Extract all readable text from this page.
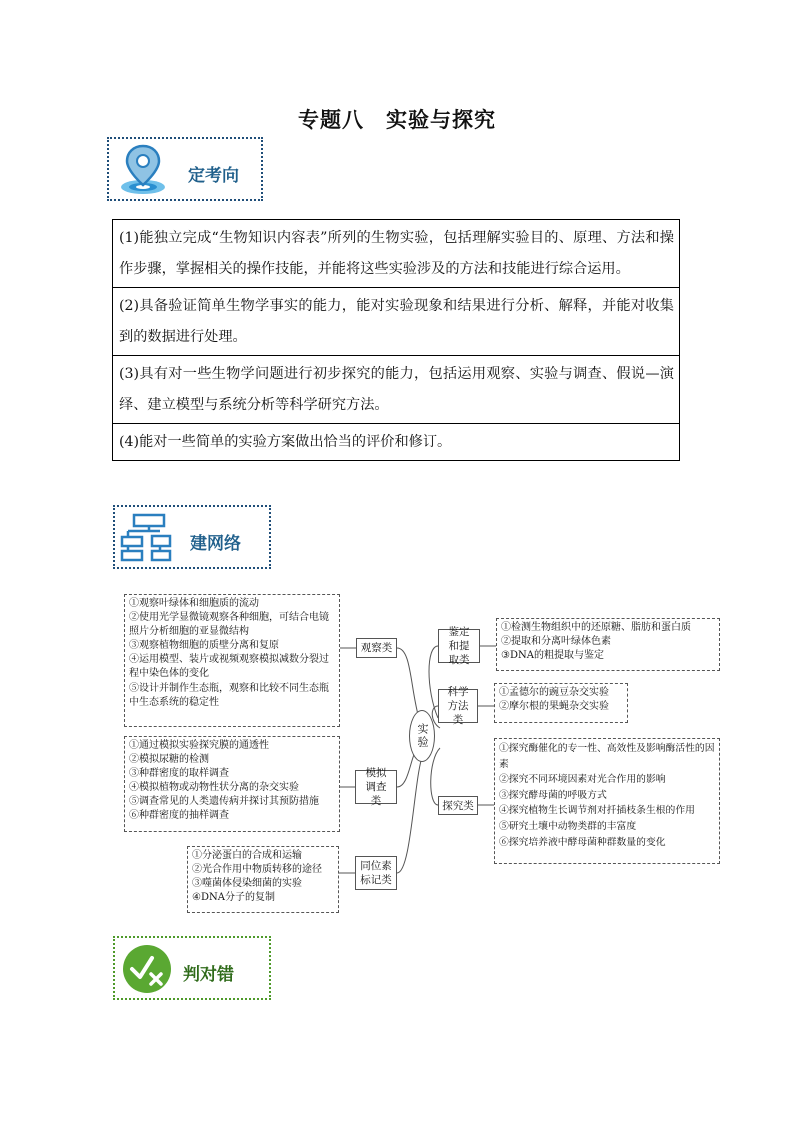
专题八　实验与探究
定考向
(1)能独立完成“生物知识内容表”所列的生物实验，包括理解实验目的、原理、方法和操作步骤，掌握相关的操作技能，并能将这些实验涉及的方法和技能进行综合运用。
(2)具备验证简单生物学事实的能力，能对实验现象和结果进行分析、解释，并能对收集到的数据进行处理。
(3)具有对一些生物学问题进行初步探究的能力，包括运用观察、实验与调查、假说—演绎、建立模型与系统分析等科学研究方法。
(4)能对一些简单的实验方案做出恰当的评价和修订。
建网络
①观察叶绿体和细胞质的流动
②使用光学显微镜观察各种细胞，可结合电镜照片分析细胞的亚显微结构
③观察植物细胞的质壁分离和复原
④运用模型、装片或视频观察模拟减数分裂过程中染色体的变化
⑤设计并制作生态瓶，观察和比较不同生态瓶中生态系统的稳定性
①通过模拟实验探究膜的通透性
②模拟尿糖的检测
③种群密度的取样调查
④模拟植物或动物性状分离的杂交实验
⑤调查常见的人类遗传病并探讨其预防措施
⑥种群密度的抽样调查
①分泌蛋白的合成和运输
②光合作用中物质转移的途径
③噬菌体侵染细菌的实验
④DNA分子的复制
观察类
模拟调查类
同位素标记类
实验
鉴定和提取类
科学方法类
探究类
①检测生物组织中的还原糖、脂肪和蛋白质
②提取和分离叶绿体色素
③DNA的粗提取与鉴定
①孟德尔的豌豆杂交实验
②摩尔根的果蝇杂交实验
①探究酶催化的专一性、高效性及影响酶活性的因素
②探究不同环境因素对光合作用的影响
③探究酵母菌的呼吸方式
④探究植物生长调节剂对扦插枝条生根的作用
⑤研究土壤中动物类群的丰富度
⑥探究培养液中酵母菌种群数量的变化
判对错
